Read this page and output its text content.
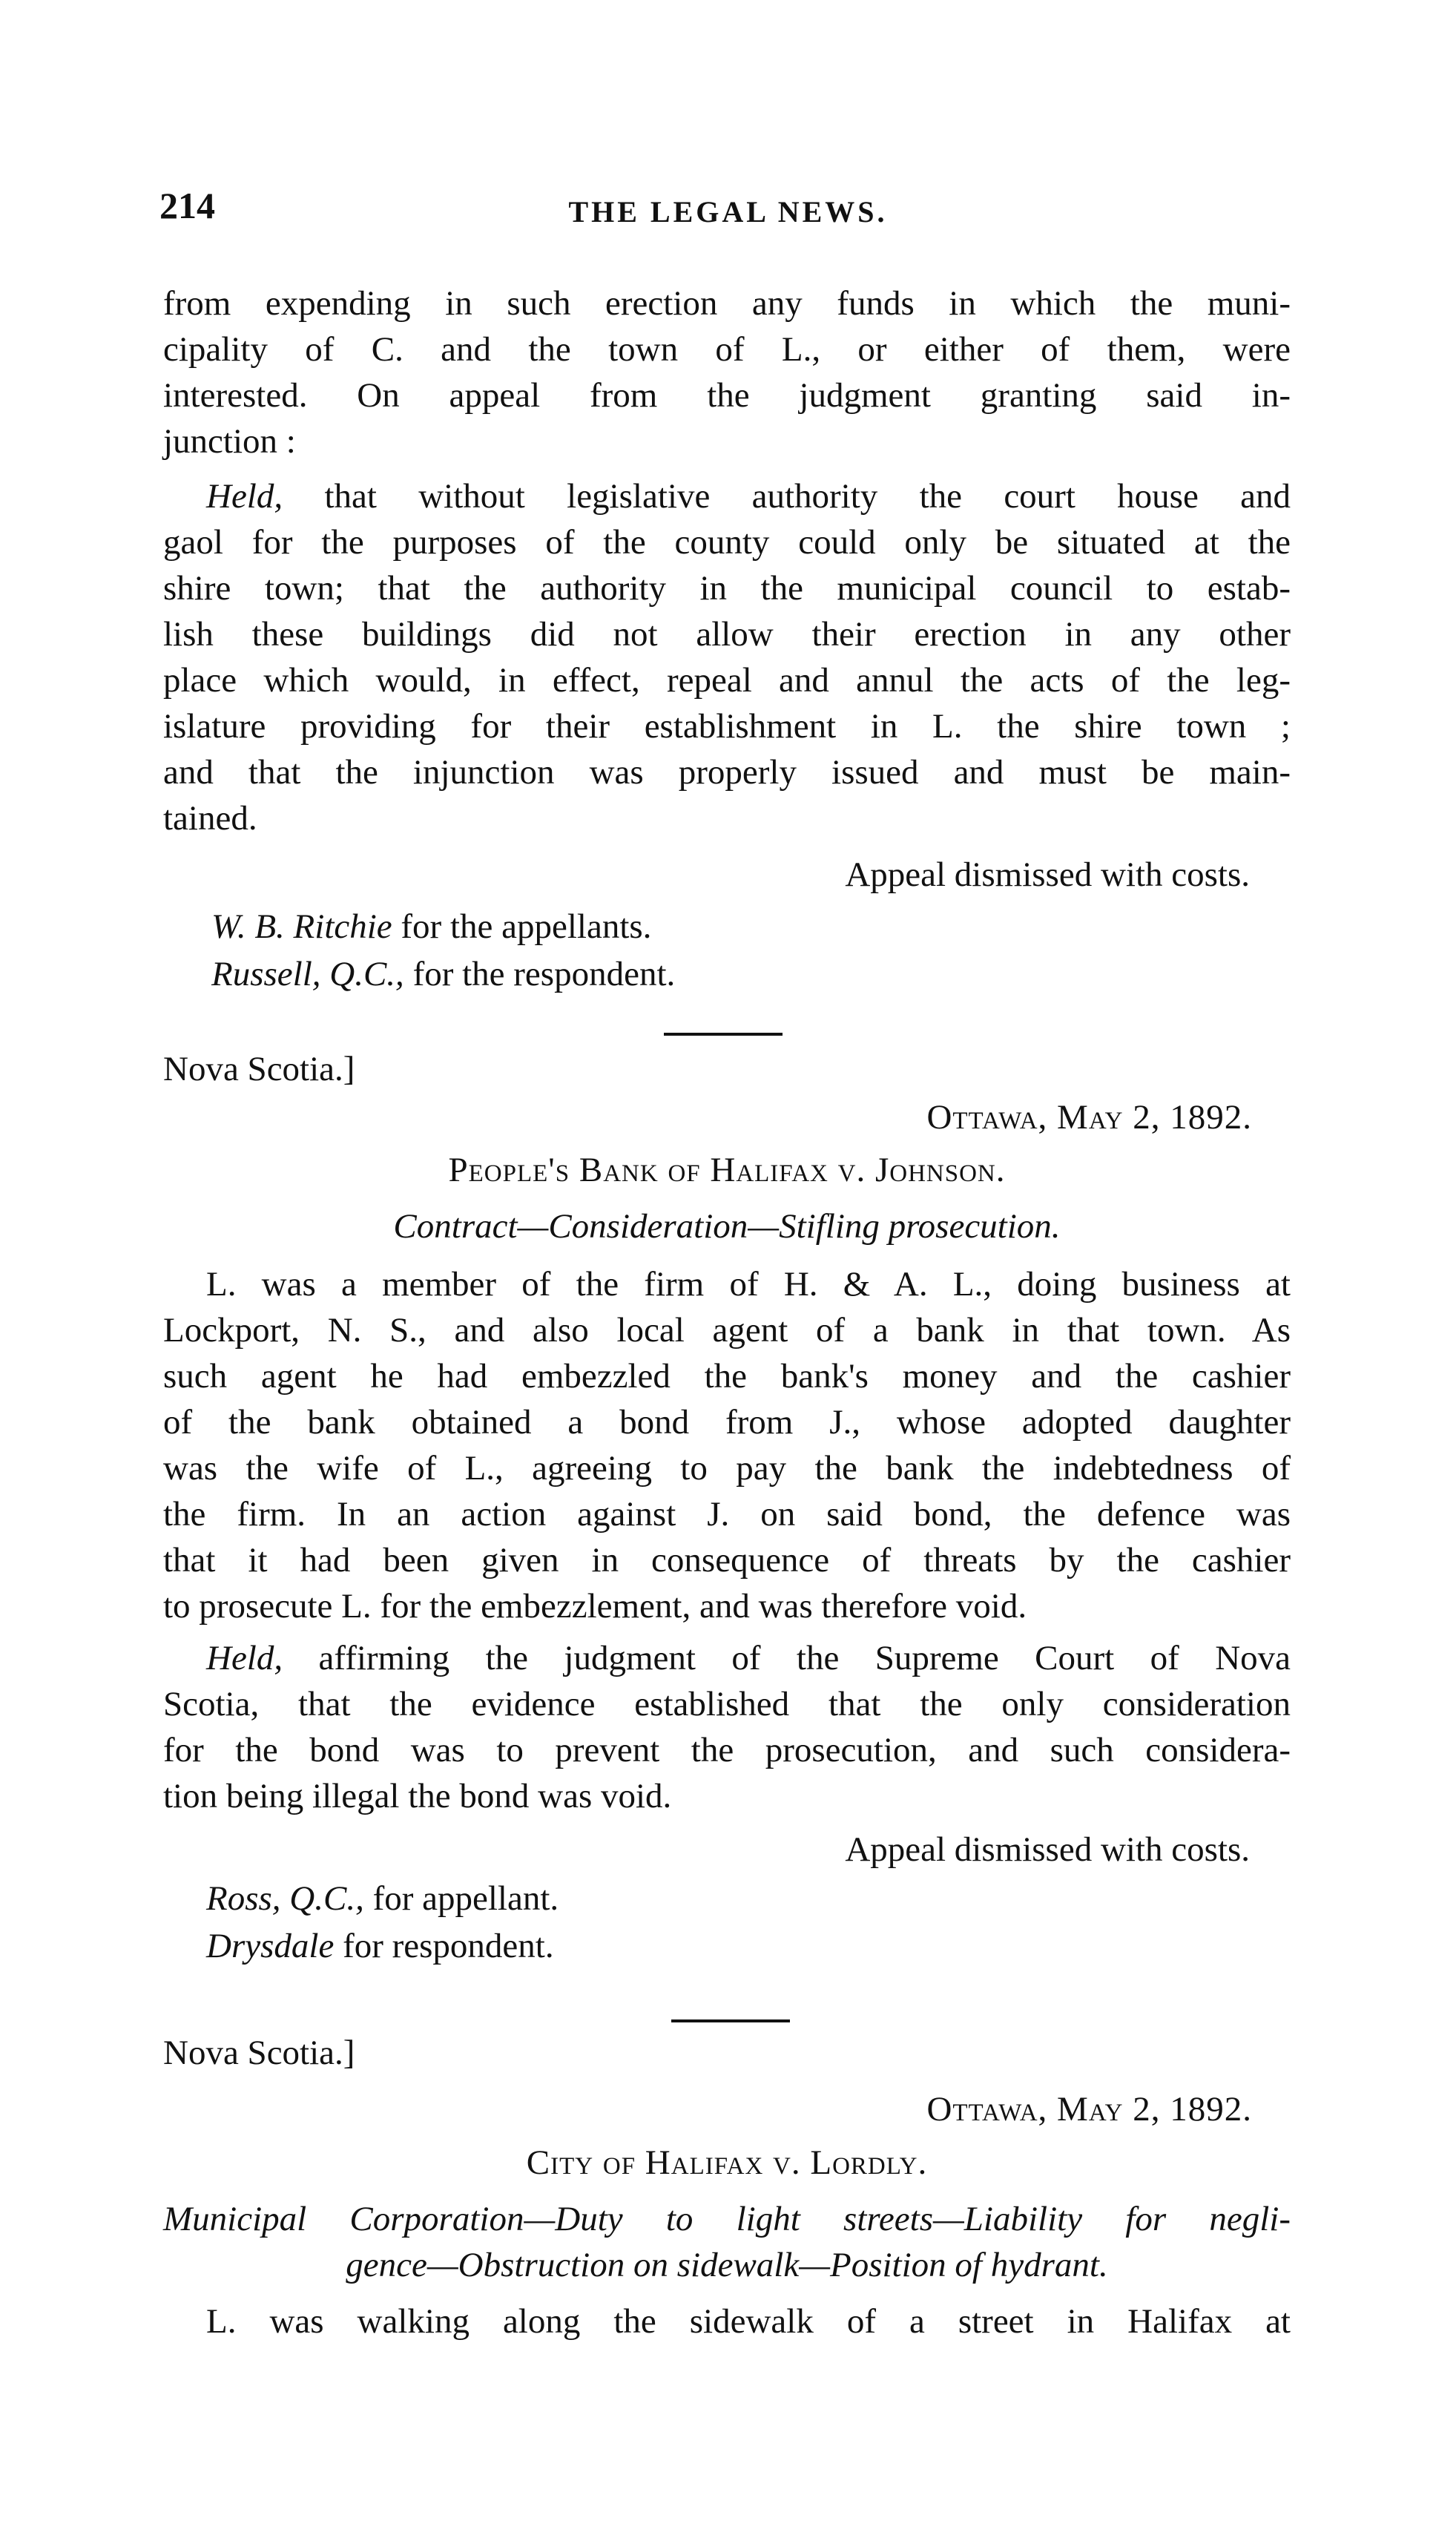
214	THE LEGAL NEWS.
from expending in such erection any funds in which the muni-
cipality of C. and the town of L., or either of them, were
interested. On appeal from the judgment granting said in-
junction :
Held, that without legislative authority the court house and
gaol for the purposes of the county could only be situated at the
shire town; that the authority in the municipal council to estab-
lish these buildings did not allow their erection in any other
place which would, in effect, repeal and annul the acts of the leg-
islature providing for their establishment in L. the shire town ;
and that the injunction was properly issued and must be main-
tained.
Appeal dismissed with costs.
W. B. Ritchie for the appellants.
Russell, Q.C., for the respondent.
Nova Scotia.]
Ottawa, May 2, 1892.
People's Bank of Halifax v. Johnson.
Contract—Consideration—Stifling prosecution.
L. was a member of the firm of H. & A. L., doing business at
Lockport, N. S., and also local agent of a bank in that town. As
such agent he had embezzled the bank's money and the cashier
of the bank obtained a bond from J., whose adopted daughter
was the wife of L., agreeing to pay the bank the indebtedness of
the firm. In an action against J. on said bond, the defence was
that it had been given in consequence of threats by the cashier
to prosecute L. for the embezzlement, and was therefore void.
Held, affirming the judgment of the Supreme Court of Nova
Scotia, that the evidence established that the only consideration
for the bond was to prevent the prosecution, and such considera-
tion being illegal the bond was void.
Appeal dismissed with costs.
Ross, Q.C., for appellant.
Drysdale for respondent.
Nova Scotia.]
Ottawa, May 2, 1892.
City of Halifax v. Lordly.
Municipal Corporation—Duty to light streets—Liability for negli-
gence—Obstruction on sidewalk—Position of hydrant.
L. was walking along the sidewalk of a street in Halifax at
